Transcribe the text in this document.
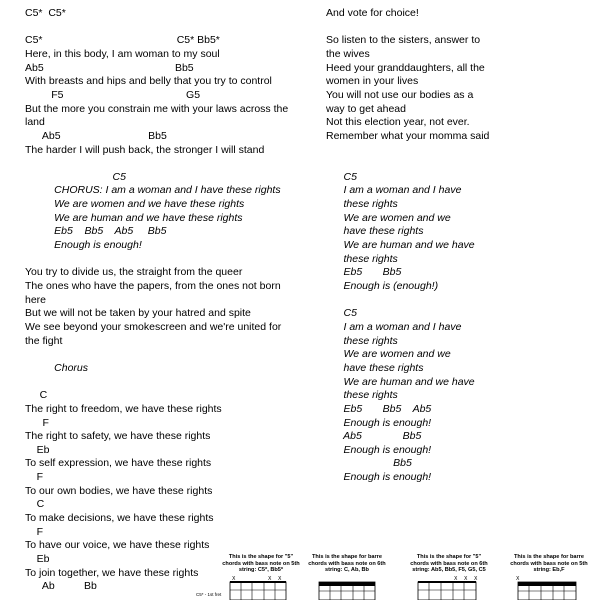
C5*  C5*
C5*                                              C5* Bb5*
Here, in this body, I am woman to my soul
Ab5                                             Bb5
With breasts and hips and belly that you try to control
F5                                          G5
But the more you constrain me with your laws across the
land
Ab5                              Bb5
The harder I will push back, the stronger I will stand
C5
CHORUS: I am a woman and I have these rights
We are women and we have these rights
We are human and we have these rights
Eb5    Bb5    Ab5     Bb5
Enough is enough!
You try to divide us, the straight from the queer
The ones who have the papers, from the ones not born
here
But we will not be taken by your hatred and spite
We see beyond your smokescreen and we're united for
the fight
Chorus
C
The right to freedom, we have these rights
F
The right to safety, we have these rights
Eb
To self expression, we have these rights
F
To our own bodies, we have these rights
C
To make decisions, we have these rights
F
To have our voice, we have these rights
Eb
To join together, we have these rights
Ab          Bb
And vote for choice!
So listen to the sisters, answer to
the wives
Heed your granddaughters, all the
women in your lives
You will not use our bodies as a
way to get ahead
Not this election year, not ever.
Remember what your momma said
C5
I am a woman and I have
these rights
We are women and we
have these rights
We are human and we have
these rights
Eb5       Bb5
Enough is (enough!)
C5
I am a woman and I have
these rights
We are women and we
have these rights
We are human and we have
these rights
Eb5       Bb5    Ab5
Enough is enough!
Ab5              Bb5
Enough is enough!
Bb5
Enough is enough!
C5* - 1st fret
This is the shape for "5" chords with bass note on 5th string: C5*, Bb5*
X	X X
This is the shape for barre chords with bass note on 6th string: C, Ab, Bb
This is the shape for "5" chords with bass note on 6th string: Ab5, Bb5, F5, G5, C5
X X X
This is the shape for barre chords with bass note on 5th string: Eb,F
X
